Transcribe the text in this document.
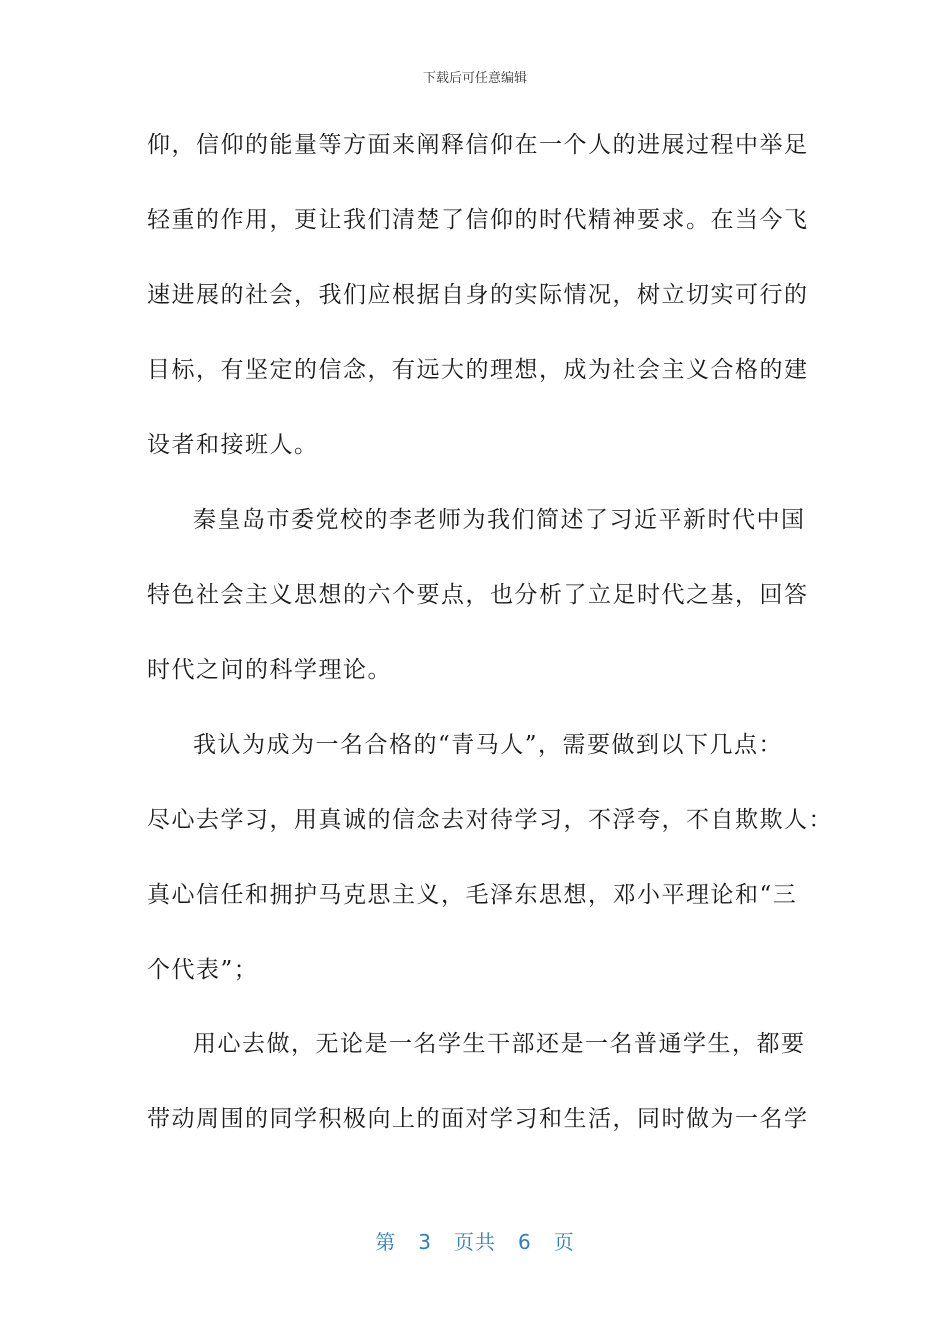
下载后可任意编辑
仰，信仰的能量等方面来阐释信仰在一个人的进展过程中举足
轻重的作用，更让我们清楚了信仰的时代精神要求。在当今飞
速进展的社会，我们应根据自身的实际情况，树立切实可行的
目标，有坚定的信念，有远大的理想，成为社会主义合格的建
设者和接班人。
秦皇岛市委党校的李老师为我们简述了习近平新时代中国
特色社会主义思想的六个要点，也分析了立足时代之基，回答
时代之问的科学理论。
我认为成为一名合格的“青马人”，需要做到以下几点：
尽心去学习，用真诚的信念去对待学习，不浮夸，不自欺欺人：
真心信任和拥护马克思主义，毛泽东思想，邓小平理论和“三
个代表”；
用心去做，无论是一名学生干部还是一名普通学生，都要
带动周围的同学积极向上的面对学习和生活，同时做为一名学
第 3 页共 6 页
